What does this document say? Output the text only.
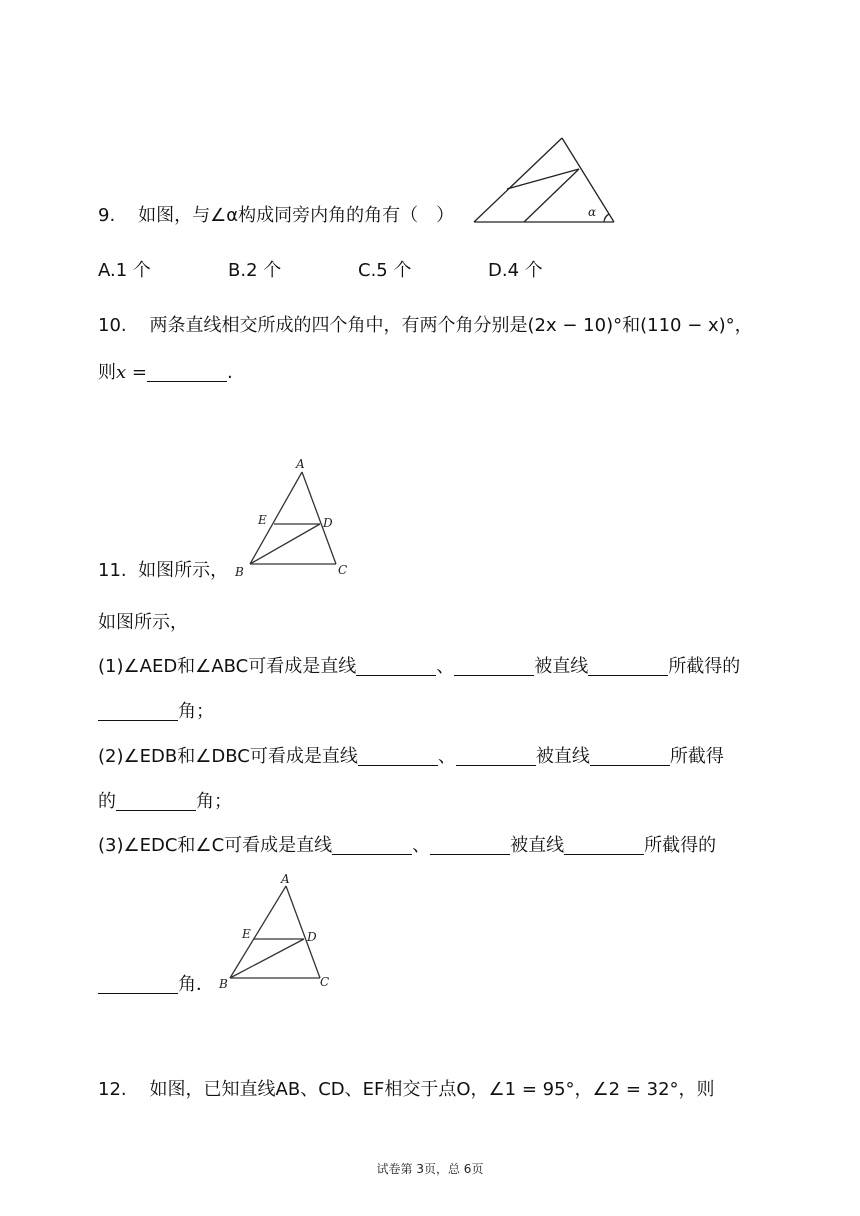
9. 如图，与∠α构成同旁内角的角有（　）	α
A.1 个	B.2 个	C.5 个	D.4 个
10. 两条直线相交所成的四个角中，有两个角分别是(2x − 10)°和(110 − x)°，
则x =	.
A
E	D
B	C
11. 如图所示，
如图所示，
(1)∠AED和∠ABC可看成是直线	、	被直线	所截得的
角；
(2)∠EDB和∠DBC可看成是直线	、	被直线	所截得
的	角；
(3)∠EDC和∠C可看成是直线	、	被直线	所截得的
A
E	D
B	C
角．
12. 如图，已知直线AB、CD、EF相交于点O，∠1 = 95°，∠2 = 32°，则
试卷第 3页，总 6页
